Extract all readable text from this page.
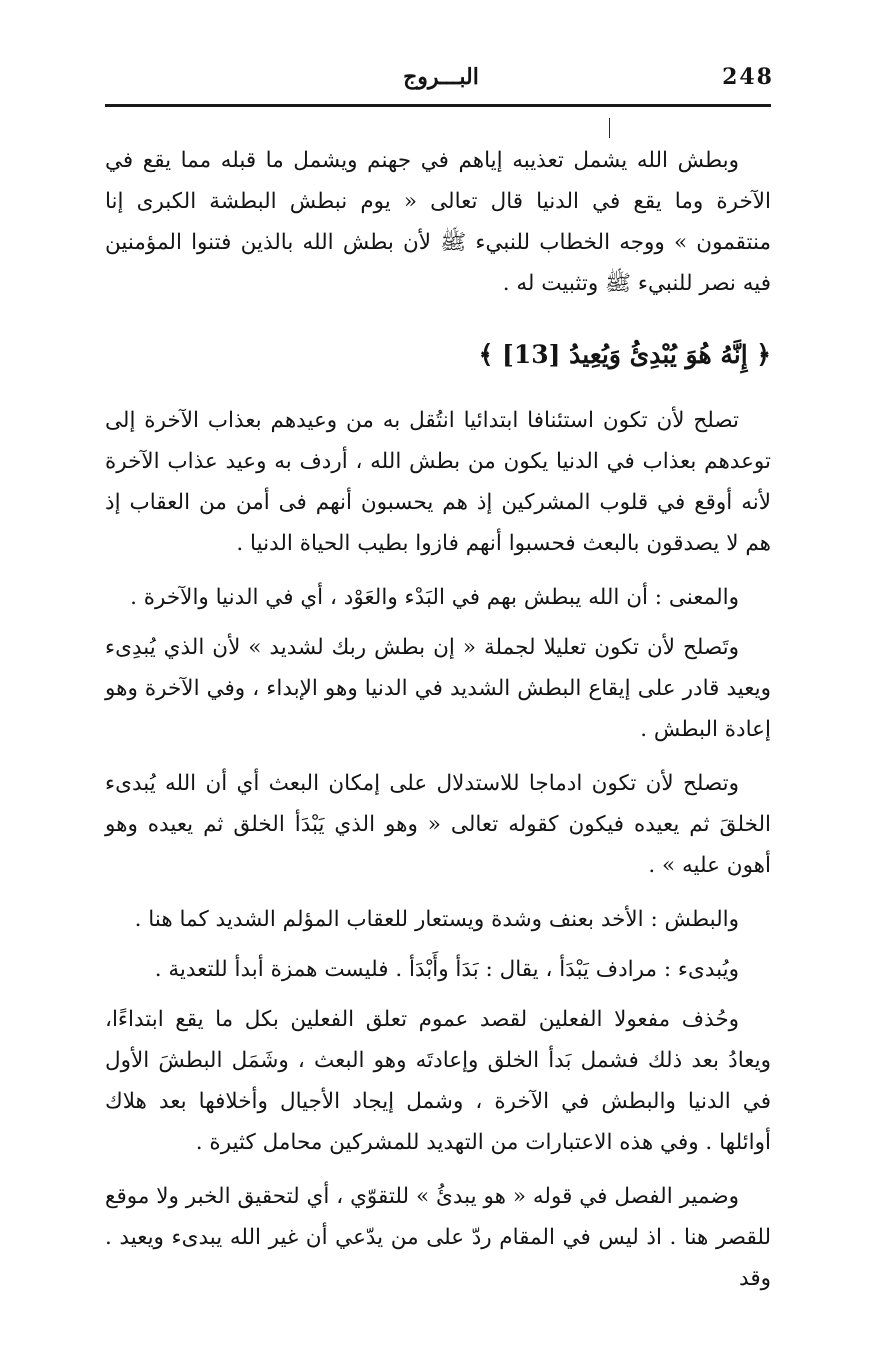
248
البـــروج

وبطش الله يشمل تعذيبه إياهم في جهنم ويشمل ما قبله مما يقع في الآخرة وما يقع في الدنيا قال تعالى « يوم نبطش البطشة الكبرى إنا منتقمون » ووجه الخطاب للنبيء ﷺ لأن بطش الله بالذين فتنوا المؤمنين فيه نصر للنبيء ﷺ وتثبيت له .

﴿ إِنَّهُ هُوَ يُبْدِئُ وَيُعِيدُ [13] ﴾

تصلح لأن تكون استئنافا ابتدائيا انتُقل به من وعيدهم بعذاب الآخرة إلى توعدهم بعذاب في الدنيا يكون من بطش الله ، أردف به وعيد عذاب الآخرة لأنه أوقع في قلوب المشركين إذ هم يحسبون أنهم فى أمن من العقاب إذ هم لا يصدقون بالبعث فحسبوا أنهم فازوا بطيب الحياة الدنيا .

والمعنى : أن الله يبطش بهم في البَدْء والعَوْد ، أي في الدنيا والآخرة .

وتَصلح لأن تكون تعليلا لجملة « إن بطش ربك لشديد » لأن الذي يُبدِىء ويعيد قادر على إيقاع البطش الشديد في الدنيا وهو الإبداء ، وفي الآخرة وهو إعادة البطش .

وتصلح لأن تكون ادماجا للاستدلال على إمكان البعث أي أن الله يُبدىء الخلقَ ثم يعيده فيكون كقوله تعالى « وهو الذي يَبْدَأ الخلق ثم يعيده وهو أهون عليه » .

والبطش : الأخد بعنف وشدة ويستعار للعقاب المؤلم الشديد كما هنا .

ويُبدىء : مرادف يَبْدَأ ، يقال : بَدَأ وأَبْدَأ . فليست همزة أبدأ للتعدية .

وحُذف مفعولا الفعلين لقصد عموم تعلق الفعلين بكل ما يقع ابتداءًا، ويعادُ بعد ذلك فشمل بَدأ الخلق وإعادتَه وهو البعث ، وشَمَل البطشَ الأول في الدنيا والبطش في الآخرة ، وشمل إيجاد الأجيال وأخلافها بعد هلاك أوائلها . وفي هذه الاعتبارات من التهديد للمشركين محامل كثيرة .

وضمير الفصل في قوله « هو يبدئُ » للتقوّي ، أي لتحقيق الخبر ولا موقع للقصر هنا . اذ ليس في المقام ردّ على من يدّعي أن غير الله يبدىء ويعيد . وقد
